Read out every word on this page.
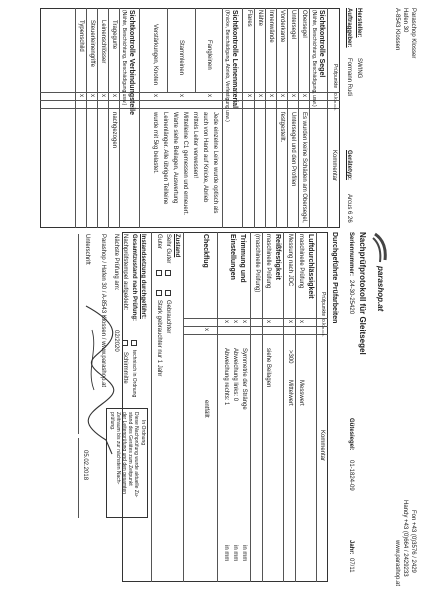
Paraschop Klosser
Hafen 30
A-8543 Klossen
Fon +43 (0)3576 / 2429
Handy +43 (0)664 / 2429233
www.parashop.at
parashop.at
Nachprüfprotokoll für Gleitsegel
Seriennummer:
24-30-25420
Gütesiegel:
01-1824-09
Jahr:
07/11
Hersteller:
SWING
Auftraggeber:
Formann Rudi
Gerätetyp:
Arcus 6 26
Durchgeführte Prüfarbeiten
Prüfpunkte
o.k.
n.o.k.
Kommentar
Sichtkontrolle Segel
(Nähte, Beschichtung, Beschädigung, usw.)
Obersegel
x
Es wurden keine Schäden am Obersegel,
Untersegel
x
Untersegel und den Profilen
Vorderkante
x
festgestellt.
Innenwände
x
Nähte
x
Flares
x
Sichtkontrolle Leinenmaterial
(Knicke, Beschädigung, Abrieb, Verfestigung usw.)
Fangleinen
x
Stammleinen
x
Verstärkungen, Knoten
x
Jede einzelne Leine wurde optisch als
auch von Hand auf Knicke, Abrieb
mittels Leiter verwessen!
Mittelleine C1 gemessen und erneuert.
Warte siehe Beilagen, Auswertung
Leinenlänger. Alle übrigen Teilleine
wurde mit 5kg belastet.
Sichtkontrolle Verbindungsteile
(Nähte, Beschichtung, Beschädigung usw.)
Tragegurte
x
nachgezogen
Leinenschlösser
x
Steuerleinengriffe
x
Typenschild
x
Prüfpunkte
o.k.
n.o.k.
Kommentar
Luftdurchlässigkeit
maschinelle Prüfung
x
Messwert
Messung nach JDC
x
>300
Mittelwert
Reißfestigkeit
maschinelle Prüfung
x
siehe Beilagen
(maschinelle Prüfung)
Trimmung und
Einstellungen
x
Symmetrie der Stränge
in mm
x
Abweichung links: 0
in mm
x
Abweichung rechts: 1
in mm
Checkflug
x
entfällt
Zustand
Sehr Guter
Guter
Gebrauchter
Stark gebrauchter nur 1 Jahr
Instandsetzung durchgeführt:
Gesamtzustand nach Prüfung:
Nachprüfstempel aufgeklebt:
Nächste Prüfung am:
02/2020
Schirmmitte technisch in Ordnung
In Ordnung
Diese Nachprüfung wurde aktuelle Zu-
stand des Gerätes zum Zeitpunkt
der Leitenprüfung und den gesamten
Zeitraum bis zur nächsten Nach-
prüfung.
Parashop / Hafen 30 / A-8543 Klossen / www.parashop.at
Unterschrift
05.02.2018
